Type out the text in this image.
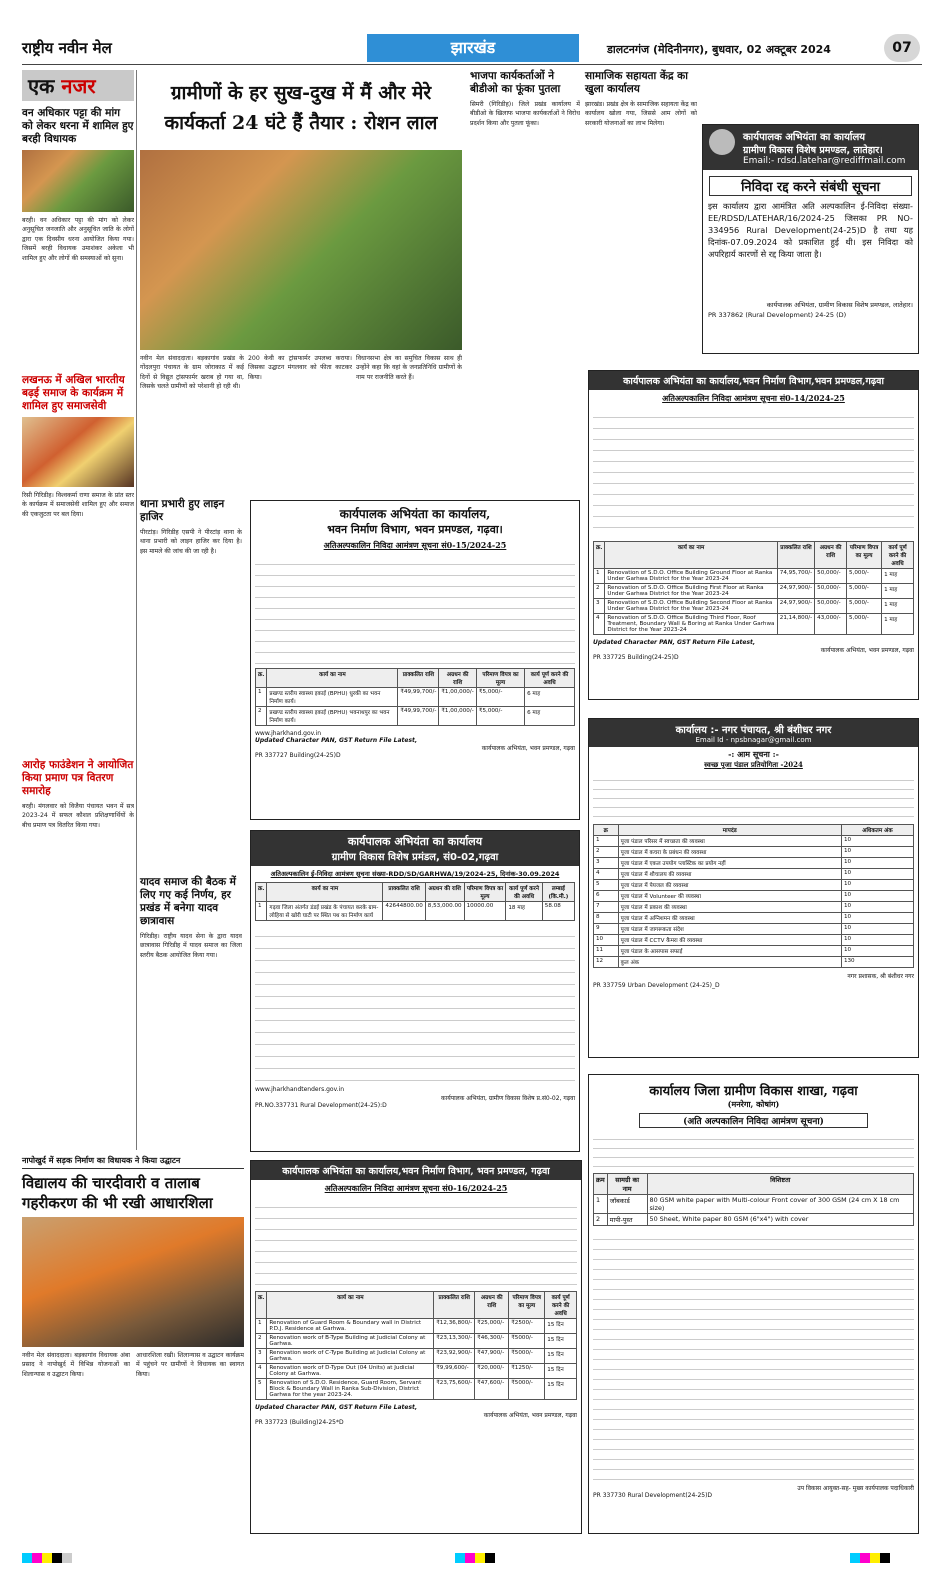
राष्ट्रीय नवीन मेल	झारखंड	डालटनगंज (मेदिनीनगर), बुधवार, 02 अक्टूबर 2024	07
एक नजर
वन अधिकार पट्टा की मांग को लेकर धरना में शामिल हुए बरही विधायक
बरही। वन अधिकार पट्टा की मांग को लेकर अनुसूचित जनजाति और अनुसूचित जाति के लोगों द्वारा एक दिवसीय धरना आयोजित किया गया। जिसमें बरही विधायक उमाशंकर अकेला भी शामिल हुए और लोगों की समस्याओं को सुना।
लखनऊ में अखिल भारतीय बढ़ई समाज के कार्यक्रम में शामिल हुए समाजसेवी
रिसी गिरिडीह। विश्वकर्मा राणा समाज के प्रांत स्तर के कार्यक्रम में समाजसेवी शामिल हुए और समाज की एकजुटता पर बल दिया।
आरोह फाउंडेशन ने आयोजित किया प्रमाण पत्र वितरण समारोह
बरही। मंगलवार को विजैया पंचायत भवन में सत्र 2023-24 में सफल कौशल प्रशिक्षणार्थियों के बीच प्रमाण पत्र वितरित किया गया।
ग्रामीणों के हर सुख-दुख में मैं और मेरे कार्यकर्ता 24 घंटे हैं तैयार : रोशन लाल
नवीन मेल संवाददाता। बड़कागांव प्रखंड के गोंदलपुरा पंचायत के ग्राम जोराकाठ में कई दिनों से विद्युत ट्रांसफार्मर खराब हो गया था, जिसके चलते ग्रामीणों को परेशानी हो रही थी।
200 केवी का ट्रांसफार्मर उपलब्ध कराया। जिसका उद्घाटन मंगलवार को फीता काटकर किया।
विधानसभा क्षेत्र का समुचित विकास साथ ही उन्होंने कहा कि वहां के जनप्रतिनिधि ग्रामीणों के नाम पर राजनीति करते हैं।
भाजपा कार्यकर्ताओं ने बीडीओ का फूंका पुतला
सिमरी (गिरिडीह)। जिले प्रखंड कार्यालय में बीडीओ के खिलाफ भाजपा कार्यकर्ताओं ने विरोध प्रदर्शन किया और पुतला फूंका।
सामाजिक सहायता केंद्र का खुला कार्यालय
झारखंड। प्रखंड क्षेत्र के सामाजिक सहायता केंद्र का कार्यालय खोला गया, जिससे आम लोगों को सरकारी योजनाओं का लाभ मिलेगा।
कार्यपालक अभियंता का कार्यालय
ग्रामीण विकास विशेष प्रमण्डल, लातेहार।
Email:- rdsd.latehar@rediffmail.com
निविदा रद्द करने संबंधी सूचना
इस कार्यालय द्वारा आमंत्रित अति अल्पकालिन ई-निविदा संख्या- EE/RDSD/LATEHAR/16/2024-25 जिसका PR NO- 334956 Rural Development(24-25)D है तथा यह दिनांक-07.09.2024 को प्रकाशित हुई थी। इस निविदा को अपरिहार्य कारणों से रद्द किया जाता है।
कार्यपालक अभियंता, ग्रामीण विकास विशेष प्रमण्डल, लातेहार।
PR 337862 (Rural Development) 24-25 (D)
कार्यपालक अभियंता का कार्यालय,भवन निर्माण विभाग,भवन प्रमण्डल,गढ़वा
अतिअल्पकालिन निविदा आमंत्रण सूचना सं0-14/2024-25
क्र.	कार्य का नाम	प्राक्कलित राशि	अग्रधन की राशि	परिमाण विपत्र का मूल्य	कार्य पूर्ण करने की अवधि
1	Renovation of S.D.O. Office Building Ground Floor at Ranka Under Garhwa District for the Year 2023-24	74,95,700/-	50,000/-	5,000/-	1 माह
2	Renovation of S.D.O. Office Building First Floor at Ranka Under Garhwa District for the Year 2023-24	24,97,900/-	50,000/-	5,000/-	1 माह
3	Renovation of S.D.O. Office Building Second Floor at Ranka Under Garhwa District for the Year 2023-24	24,97,900/-	50,000/-	5,000/-	1 माह
4	Renovation of S.D.O. Office Building Third Floor, Roof Treatment, Boundary Wall & Boring at Ranka Under Garhwa District for the Year 2023-24	21,14,800/-	43,000/-	5,000/-	1 माह
Updated Character PAN, GST Return File Latest,
कार्यपालक अभियंता, भवन प्रमण्डल, गढ़वा
PR 337725 Building(24-25)D
थाना प्रभारी हुए लाइन हाजिर
पीरटांड़। गिरिडीह एसपी ने पीरटांड़ थाना के थाना प्रभारी को लाइन हाजिर कर दिया है। इस मामले की जांच की जा रही है।
यादव समाज की बैठक में लिए गए कई निर्णय, हर प्रखंड में बनेगा यादव छात्रावास
गिरिडीह। राष्ट्रीय यादव सेना के द्वारा यादव छात्रावास गिरिडीह में यादव समाज का जिला स्तरीय बैठक आयोजित किया गया।
कार्यपालक अभियंता का कार्यालय,
भवन निर्माण विभाग, भवन प्रमण्डल, गढ़वा।
अतिअल्पकालिन निविदा आमंत्रण सूचना सं0-15/2024-25
क्र.	कार्य का नाम	प्राक्कलित राशि	अग्रधन की राशि	परिमाण विपत्र का मूल्य	कार्य पूर्ण करने की अवधि
1	प्रखण्ड स्तरीय स्वास्थ्य इकाई (BPHU) धुरकी का भवन निर्माण कार्य।	₹49,99,700/-	₹1,00,000/-	₹5,000/-	6 माह
2	प्रखण्ड स्तरीय स्वास्थ्य इकाई (BPHU) भवनाथपुर का भवन निर्माण कार्य।	₹49,99,700/-	₹1,00,000/-	₹5,000/-	6 माह
www.jharkhand.gov.in
Updated Character PAN, GST Return File Latest,
कार्यपालक अभियंता, भवन प्रमण्डल, गढ़वा
PR 337727 Building(24-25)D
कार्यपालक अभियंता का कार्यालय
ग्रामीण विकास विशेष प्रमंडल, सं0-02,गढ़वा
अतिअल्पकालिन ई-निविदा आमंत्रण सूचना संख्या-RDD/SD/GARHWA/19/2024-25, दिनांक-30.09.2024
क्र.	कार्य का नाम	प्राक्कलित राशि	अग्रधन की राशि	परिमाण विपत्र का मूल्य	कार्य पूर्ण करने की अवधि	लम्बाई (कि.मी.)
1	गढ़वा जिला अंतर्गत डंडई प्रखंड के पंचायत करके ग्राम-लोहिया से खोरी घाटी पर स्थित पथ का निर्माण कार्य	42644800.00	8,53,000.00	10000.00	18 माह	58.08
www.jharkhandtenders.gov.in
कार्यपालक अभियंता, ग्रामीण विकास विशेष प्र.सं0-02, गढ़वा
PR.NO.337731 Rural Development(24-25):D
कार्यालय :- नगर पंचायत, श्री बंशीधर नगर
Email Id - npsbnagar@gmail.com
-: आम सूचना :-
स्वच्छ पूजा पंडाल प्रतियोगिता -2024
क्र	मापदंड	अधिकतम अंक
1	पूजा पंडाल परिसर में स्वच्छता की व्यवस्था	10
2	पूजा पंडाल में कचरा के प्रबंधन की व्यवस्था	10
3	पूजा पंडाल में एकल उपयोग प्लास्टिक का प्रयोग नहीं	10
4	पूजा पंडाल में शौचालय की व्यवस्था	10
5	पूजा पंडाल में पेयजल की व्यवस्था	10
6	पूजा पंडाल में Volunteer की व्यवस्था	10
7	पूजा पंडाल में प्रकाश की व्यवस्था	10
8	पूजा पंडाल में अग्निशमन की व्यवस्था	10
9	पूजा पंडाल में जागरूकता संदेश	10
10	पूजा पंडाल में CCTV कैमरा की व्यवस्था	10
11	पूजा पंडाल के आसपास सफाई	10
12	कुल अंक	130
नगर प्रशासक, श्री बंशीधर नगर
PR 337759 Urban Development (24-25)_D
कार्यालय जिला ग्रामीण विकास शाखा, गढ़वा
(मनरेगा, कोषांग)
(अति अल्पकालिन निविदा आमंत्रण सूचना)
क्रम	सामग्री का नाम	विशिष्टता
1	जॉबकार्ड	80 GSM white paper with Multi-colour Front cover of 300 GSM (24 cm X 18 cm size)
2	मापी-पुस्त	50 Sheet, White paper 80 GSM (6"x4") with cover
उप विकास आयुक्त-सह- मुख्य कार्यपालक पदाधिकारी
PR 337730 Rural Development(24-25)D
कार्यपालक अभियंता का कार्यालय,भवन निर्माण विभाग, भवन प्रमण्डल, गढ़वा
अतिअल्पकालिन निविदा आमंत्रण सूचना सं0-16/2024-25
क्र.	कार्य का नाम	प्राक्कलित राशि	अग्रधन की राशि	परिमाण विपत्र का मूल्य	कार्य पूर्ण करने की अवधि
1	Renovation of Guard Room & Boundary wall in District P.D.J. Residence at Garhwa.	₹12,36,800/-	₹25,000/-	₹2500/-	15 दिन
2	Renovation work of B-Type Building at Judicial Colony at Garhwa.	₹23,13,300/-	₹46,300/-	₹5000/-	15 दिन
3	Renovation work of C-Type Building at Judicial Colony at Garhwa.	₹23,92,900/-	₹47,900/-	₹5000/-	15 दिन
4	Renovation work of D-Type Out (04 Units) at Judicial Colony at Garhwa.	₹9,99,600/-	₹20,000/-	₹1250/-	15 दिन
5	Renovation of S.D.O. Residence, Guard Room, Servant Block & Boundary Wall in Ranka Sub-Division, District Garhwa for the year 2023-24.	₹23,75,600/-	₹47,600/-	₹5000/-	15 दिन
Updated Character PAN, GST Return File Latest,
कार्यपालक अभियंता, भवन प्रमण्डल, गढ़वा
PR 337723 (Building)24-25*D
नापोखुर्द में सड़क निर्माण का विधायक ने किया उद्घाटन
विद्यालय की चारदीवारी व तालाब गहरीकरण की भी रखी आधारशिला
नवीन मेल संवाददाता। बड़कागांव विधायक अंबा प्रसाद ने नापोखुर्द में विभिन्न योजनाओं का शिलान्यास व उद्घाटन किया।
आधारशिला रखी। शिलान्यास व उद्घाटन कार्यक्रम में पहुंचने पर ग्रामीणों ने विधायक का स्वागत किया।
